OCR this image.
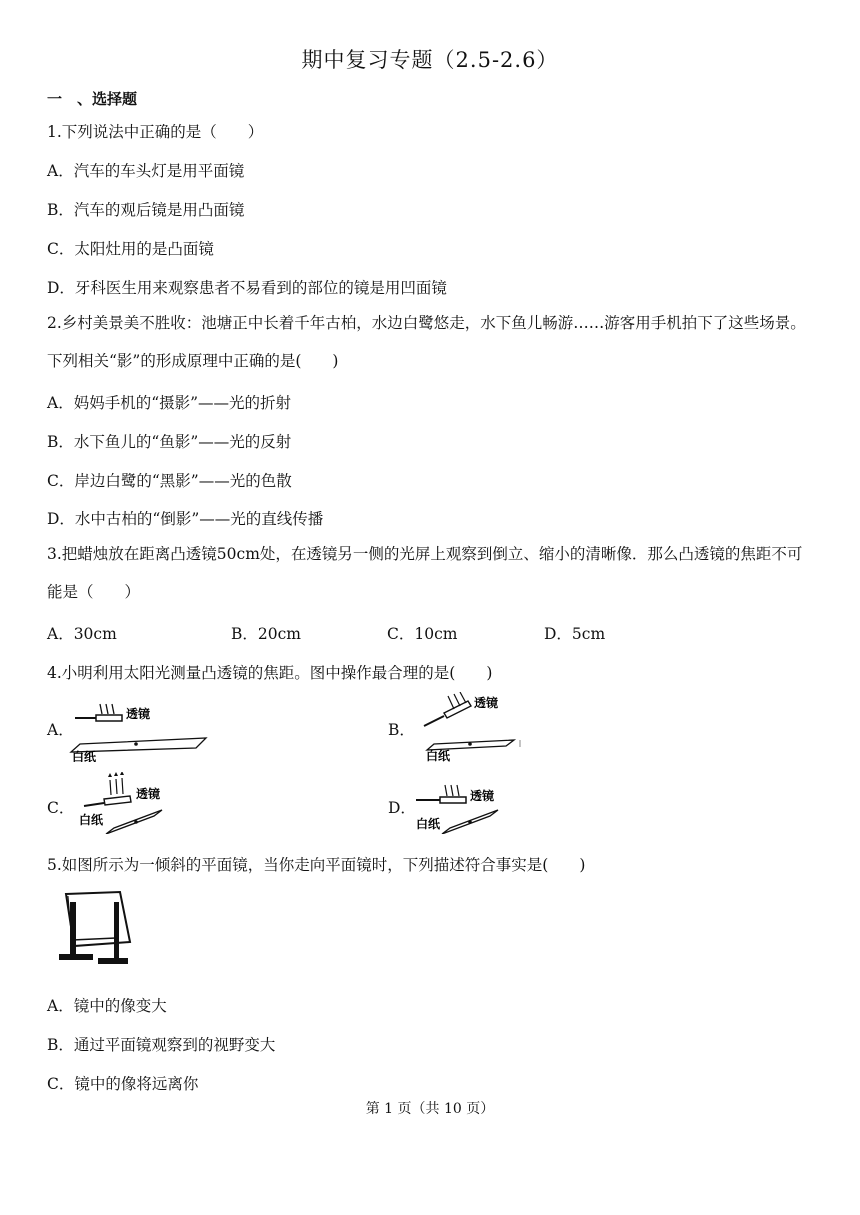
期中复习专题（2.5-2.6）
一　、选择题
1.下列说法中正确的是（　　）
A．汽车的车头灯是用平面镜
B．汽车的观后镜是用凸面镜
C．太阳灶用的是凸面镜
D．牙科医生用来观察患者不易看到的部位的镜是用凹面镜
2.乡村美景美不胜收：池塘正中长着千年古柏，水边白鹭悠走，水下鱼儿畅游……游客用手机拍下了这些场景。下列相关“影”的形成原理中正确的是(　　)
A．妈妈手机的“摄影”——光的折射
B．水下鱼儿的“鱼影”——光的反射
C．岸边白鹭的“黑影”——光的色散
D．水中古柏的“倒影”——光的直线传播
3.把蜡烛放在距离凸透镜50cm处，在透镜另一侧的光屏上观察到倒立、缩小的清晰像．那么凸透镜的焦距不可能是（　　）
A．30cm	B．20cm	C．10cm	D．5cm
4.小明利用太阳光测量凸透镜的焦距。图中操作最合理的是(　　)
A．
透镜
白纸
B．
透镜
白纸
C．
透镜
白纸
D．
透镜
白纸
5.如图所示为一倾斜的平面镜，当你走向平面镜时，下列描述符合事实是(　　)
A．镜中的像变大
B．通过平面镜观察到的视野变大
C．镜中的像将远离你
第 1 页（共 10 页）
